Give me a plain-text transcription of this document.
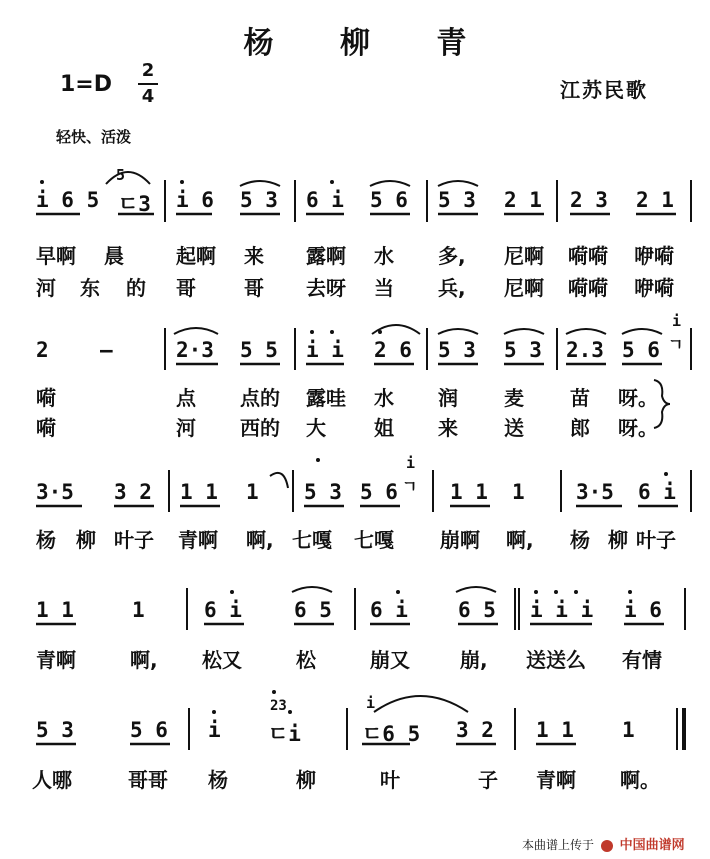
杨 柳 青
1=D
2
4	江苏民歌
轻快、活泼
i 6 5
5
ㄷ3 i 6 5 3 6 i 5 6 5 3 2 1 2 3 2 1
早啊 晨	起啊 来 露啊 水 多, 尼啊 嗬嗬 咿嗬
河 东 的 哥 哥 去呀 当 兵, 尼啊 嗬嗬 咿嗬
2 —	2·3 5 5 i i 2 6 5 3 5 3 2.3 5 6
i
ㄱ
嗬	点 点的 露哇 水 润 麦 苗 呀。
嗬	河 西的 大 姐 来 送 郎 呀。
3·5 3 2 1 1 1 5 3 5 6
i
ㄱ 1 1 1 3·5 6 i
杨 柳 叶子 青啊 啊, 七嘎 七嘎 崩啊 啊, 杨 柳 叶子
1 1	1	6 i 6 5 6 i 6 5 i i i i 6
青啊	啊, 松又	松	崩又	崩, 送送么 有情
5 3	5 6 i
23
ㄷi
i
ㄷ6 5 3 2 1 1 1
人哪	哥哥 杨	柳	叶	子 青啊 啊。
本曲谱上传于 中国曲谱网
